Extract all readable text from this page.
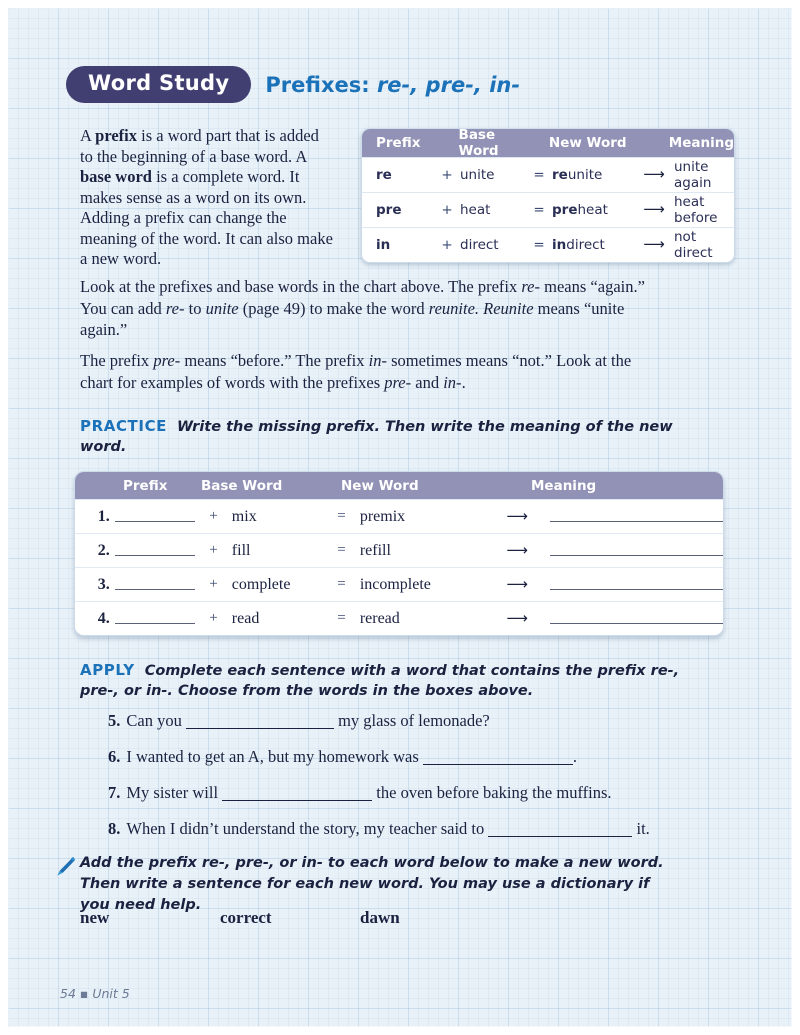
Word Study	Prefixes: re-, pre-, in-
A prefix is a word part that is added to the beginning of a base word. A base word is a complete word. It makes sense as a word on its own. Adding a prefix can change the meaning of the word. It can also make a new word.
Prefix	Base Word	New Word	Meaning
re	+ unite	= reunite	⟶ unite again
pre	+ heat	= preheat	⟶ heat before
in	+ direct	= indirect	⟶ not direct
Look at the prefixes and base words in the chart above. The prefix re- means “again.” You can add re- to unite (page 49) to make the word reunite. Reunite means “unite again.”
The prefix pre- means “before.” The prefix in- sometimes means “not.” Look at the chart for examples of words with the prefixes pre- and in-.
PRACTICE Write the missing prefix. Then write the meaning of the new word.
Prefix	Base Word	New Word	Meaning
1.	+ mix	= premix	⟶
2.	+ fill	= refill	⟶
3.	+ complete	= incomplete	⟶
4.	+ read	= reread	⟶
APPLY Complete each sentence with a word that contains the prefix re-, pre-, or in-. Choose from the words in the boxes above.
5. Can you	my glass of lemonade?
6. I wanted to get an A, but my homework was	.
7. My sister will	the oven before baking the muffins.
8. When I didn’t understand the story, my teacher said to	it.
Add the prefix re-, pre-, or in- to each word below to make a new word. Then write a sentence for each new word. You may use a dictionary if you need help.
new	correct	dawn
54 ▪ Unit 5
